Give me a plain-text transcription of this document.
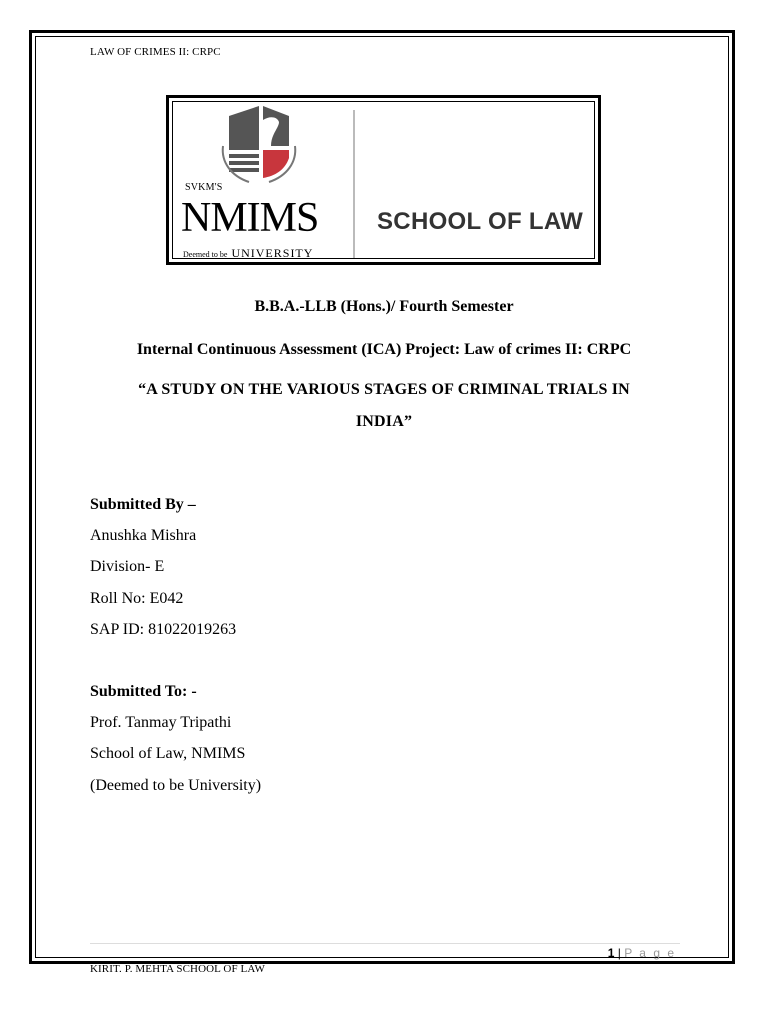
LAW OF CRIMES II: CRPC
SVKM'S
NMIMS
Deemed to be UNIVERSITY
SCHOOL OF LAW
B.B.A.-LLB (Hons.)/ Fourth Semester
Internal Continuous Assessment (ICA) Project: Law of crimes II: CRPC
“A STUDY ON THE VARIOUS STAGES OF CRIMINAL TRIALS IN
INDIA”
Submitted By –
Anushka Mishra
Division- E
Roll No: E042
SAP ID: 81022019263
Submitted To: -
Prof. Tanmay Tripathi
School of Law, NMIMS
(Deemed to be University)
1 | P a g e
KIRIT. P. MEHTA SCHOOL OF LAW
